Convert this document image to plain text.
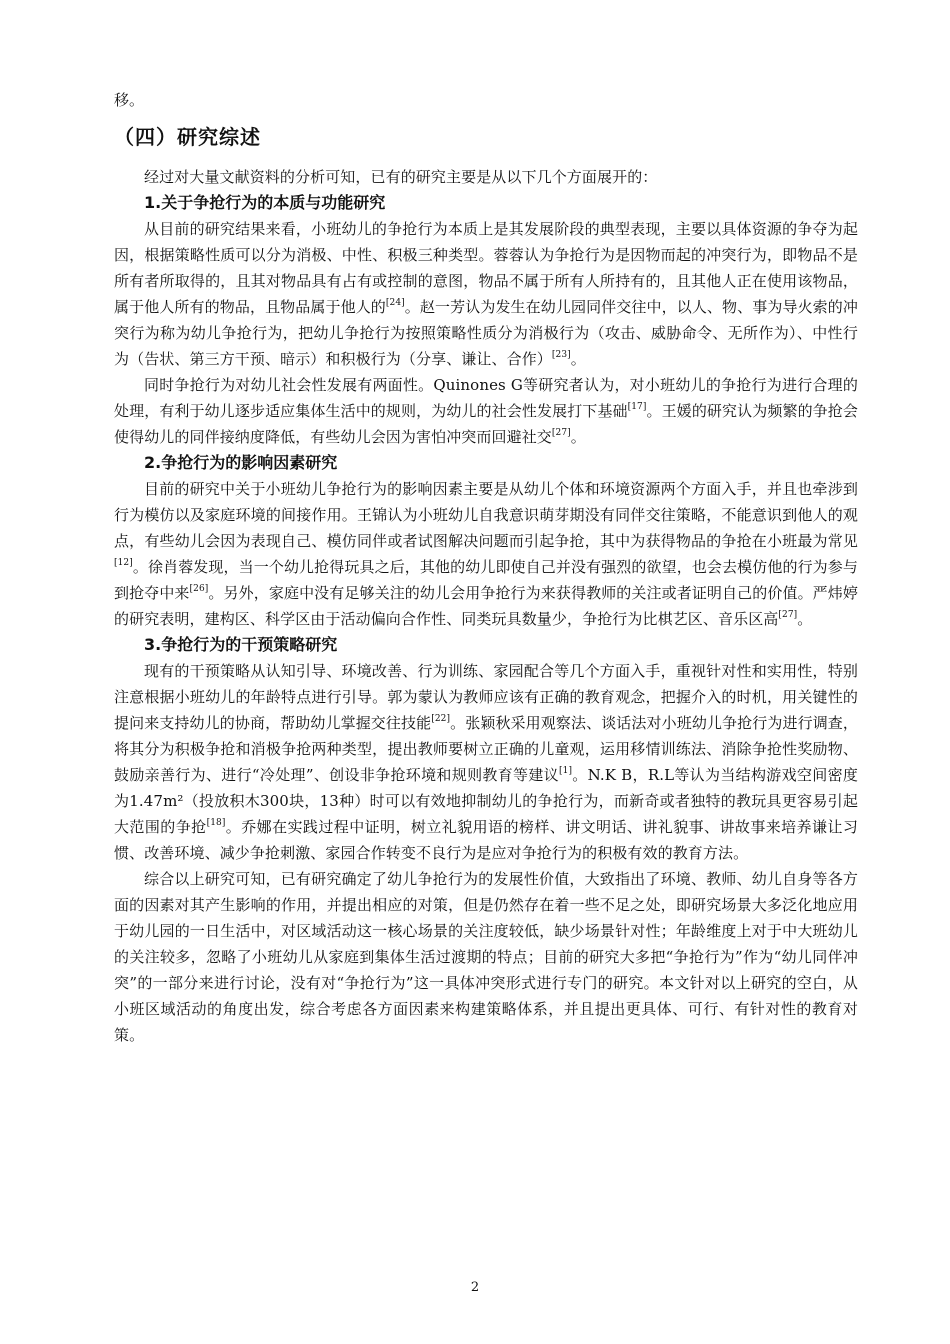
移。

（四）研究综述

经过对大量文献资料的分析可知，已有的研究主要是从以下几个方面展开的：

1.关于争抢行为的本质与功能研究

从目前的研究结果来看，小班幼儿的争抢行为本质上是其发展阶段的典型表现，主要以具体资源的争夺为起因，根据策略性质可以分为消极、中性、积极三种类型。蓉蓉认为争抢行为是因物而起的冲突行为，即物品不是所有者所取得的，且其对物品具有占有或控制的意图，物品不属于所有人所持有的，且其他人正在使用该物品，属于他人所有的物品，且物品属于他人的[24]。赵一芳认为发生在幼儿园同伴交往中，以人、物、事为导火索的冲突行为称为幼儿争抢行为，把幼儿争抢行为按照策略性质分为消极行为（攻击、威胁命令、无所作为）、中性行为（告状、第三方干预、暗示）和积极行为（分享、谦让、合作）[23]。

同时争抢行为对幼儿社会性发展有两面性。Quinones G等研究者认为，对小班幼儿的争抢行为进行合理的处理，有利于幼儿逐步适应集体生活中的规则，为幼儿的社会性发展打下基础[17]。王媛的研究认为频繁的争抢会使得幼儿的同伴接纳度降低，有些幼儿会因为害怕冲突而回避社交[27]。

2.争抢行为的影响因素研究

目前的研究中关于小班幼儿争抢行为的影响因素主要是从幼儿个体和环境资源两个方面入手，并且也牵涉到行为模仿以及家庭环境的间接作用。王锦认为小班幼儿自我意识萌芽期没有同伴交往策略，不能意识到他人的观点，有些幼儿会因为表现自己、模仿同伴或者试图解决问题而引起争抢，其中为获得物品的争抢在小班最为常见[12]。徐肖蓉发现，当一个幼儿抢得玩具之后，其他的幼儿即使自己并没有强烈的欲望，也会去模仿他的行为参与到抢夺中来[26]。另外，家庭中没有足够关注的幼儿会用争抢行为来获得教师的关注或者证明自己的价值。严炜婷的研究表明，建构区、科学区由于活动偏向合作性、同类玩具数量少，争抢行为比棋艺区、音乐区高[27]。

3.争抢行为的干预策略研究

现有的干预策略从认知引导、环境改善、行为训练、家园配合等几个方面入手，重视针对性和实用性，特别注意根据小班幼儿的年龄特点进行引导。郭为蒙认为教师应该有正确的教育观念，把握介入的时机，用关键性的提问来支持幼儿的协商，帮助幼儿掌握交往技能[22]。张颖秋采用观察法、谈话法对小班幼儿争抢行为进行调查，将其分为积极争抢和消极争抢两种类型，提出教师要树立正确的儿童观，运用移情训练法、消除争抢性奖励物、鼓励亲善行为、进行“冷处理”、创设非争抢环境和规则教育等建议[1]。N.K B，R.L等认为当结构游戏空间密度为1.47m²（投放积木300块，13种）时可以有效地抑制幼儿的争抢行为，而新奇或者独特的教玩具更容易引起大范围的争抢[18]。乔娜在实践过程中证明，树立礼貌用语的榜样、讲文明话、讲礼貌事、讲故事来培养谦让习惯、改善环境、减少争抢刺激、家园合作转变不良行为是应对争抢行为的积极有效的教育方法。

综合以上研究可知，已有研究确定了幼儿争抢行为的发展性价值，大致指出了环境、教师、幼儿自身等各方面的因素对其产生影响的作用，并提出相应的对策，但是仍然存在着一些不足之处，即研究场景大多泛化地应用于幼儿园的一日生活中，对区域活动这一核心场景的关注度较低，缺少场景针对性；年龄维度上对于中大班幼儿的关注较多，忽略了小班幼儿从家庭到集体生活过渡期的特点；目前的研究大多把“争抢行为”作为“幼儿同伴冲突”的一部分来进行讨论，没有对“争抢行为”这一具体冲突形式进行专门的研究。本文针对以上研究的空白，从小班区域活动的角度出发，综合考虑各方面因素来构建策略体系，并且提出更具体、可行、有针对性的教育对策。

2
